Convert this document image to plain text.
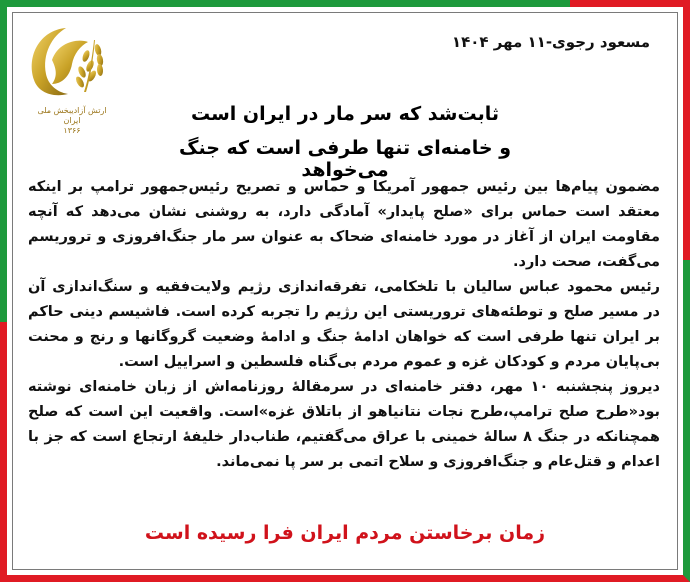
ارتش آزادیبخش ملی ایران
۱۳۶۶
مسعود رجوی-۱۱ مهر ۱۴۰۴
ثابت‌شد که سر مار در ایران است
و خامنه‌ای تنها طرفی است که جنگ می‌خواهد

مضمون پیام‌ها بین رئیس جمهور آمریکا و حماس و تصریح رئیس‌جمهور ترامپ بر اینکه معتقد است حماس برای «صلح پایدار» آمادگی دارد، به روشنی نشان می‌دهد که آنچه مقاومت ایران از آغاز در مورد خامنه‌ای ضحاک به عنوان سر مار جنگ‌افروزی و تروریسم می‌گفت، صحت دارد.

رئیس محمود عباس سالیان با تلخکامی، تفرقه‌اندازی رژیم ولایت‌فقیه و سنگ‌اندازی آن در مسیر صلح و توطئه‌های تروریستی این رژیم را تجربه کرده است. فاشیسم دینی حاکم بر ایران تنها طرفی است که خواهان ادامهٔ جنگ و ادامهٔ وضعیت گروگانها و رنج و محنت بی‌پایان مردم و کودکان غزه و عموم مردم بی‌گناه فلسطین و اسراییل است.

دیروز پنجشنبه ۱۰ مهر، دفتر خامنه‌ای در سرمقالهٔ روزنامه‌اش از زبان خامنه‌ای نوشته بود«طرح صلح ترامپ،طرح نجات نتانیاهو از باتلاق غزه»است. واقعیت این است که صلح همچنانکه در جنگ ۸ سالهٔ خمینی با عراق می‌گفتیم، طناب‌دار خلیفهٔ ارتجاع است که جز با اعدام و قتل‌عام و جنگ‌افروزی و سلاح اتمی بر سر پا نمی‌ماند.

زمان برخاستن مردم ایران فرا رسیده است
